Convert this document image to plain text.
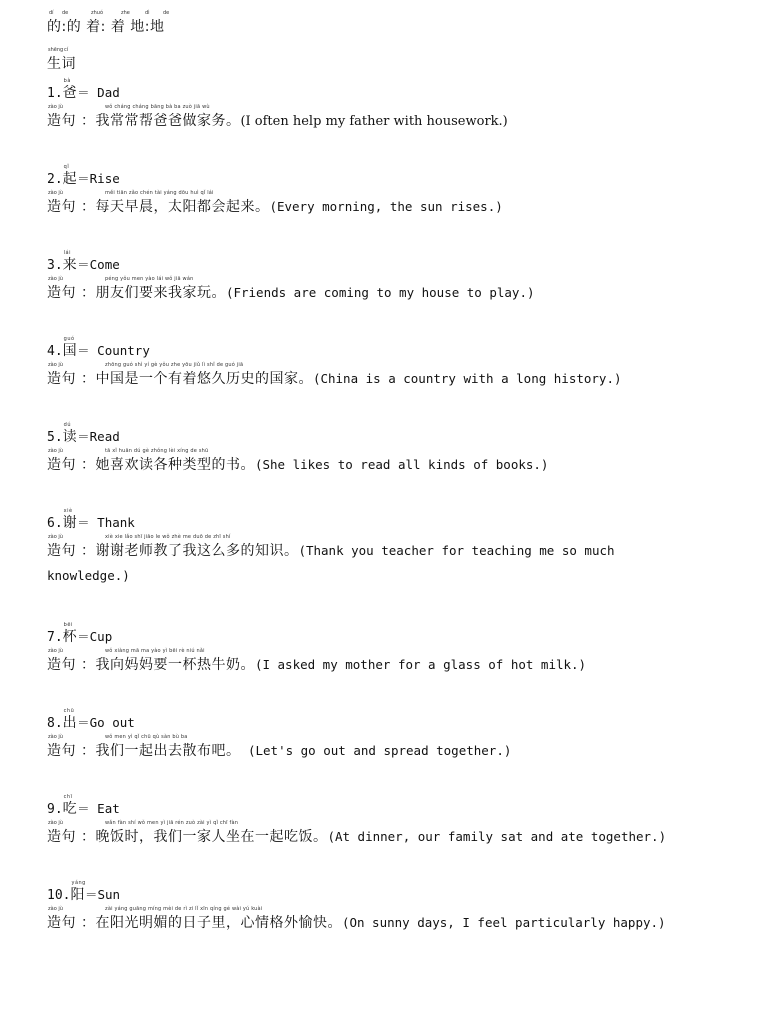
dí de	zhuó	zhe	dì	de
的:的 着: 着 地:地
shēng cí
生词
1.爸
bà
＝ Dad
zào jù	wǒ cháng cháng bāng bà ba zuò jiā wù
造句 ：我常常帮爸爸做家务。(I often help my father with housework.)
2.起
qǐ
＝Rise
zào jù	měi tiān zǎo chén tài yáng dōu huì qǐ lái
造句 ：每天早晨，太阳都会起来。(Every morning, the sun rises.)
3.来
lái
＝Come
zào jù	péng yǒu men yào lái wǒ jiā wán
造句 ：朋友们要来我家玩。(Friends are coming to my house to play.)
4.国
guó
＝ Country
zào jù	zhōng guó shì yí gè yǒu zhe yōu jiǔ lì shǐ de guó jiā
造句 ：中国是一个有着悠久历史的国家。(China is a country with a long history.)
5.读
dú
＝Read
zào jù	tā xǐ huān dú gè zhǒng lèi xíng de shū
造句 ：她喜欢读各种类型的书。(She likes to read all kinds of books.)
6.谢
xiè
＝ Thank
zào jù	xiè xie lǎo shī jiāo le wǒ zhè me duō de zhī shí
造句 ：谢谢老师教了我这么多的知识。(Thank you teacher for teaching me so much
knowledge.)
7.杯
bēi
＝Cup
zào jù	wǒ xiàng mā ma yào yì bēi rè niú nǎi
造句 ：我向妈妈要一杯热牛奶。(I asked my mother for a glass of hot milk.)
8.出
chū
＝Go out
zào jù	wǒ men yì qǐ chū qù sàn bù ba
造句 ：我们一起出去散布吧。 (Let's go out and spread together.)
9.吃
chī
＝ Eat
zào jù	wǎn fàn shí wǒ men yì jiā rén zuò zài yì qǐ chī fàn
造句 ：晚饭时，我们一家人坐在一起吃饭。(At dinner, our family sat and ate together.)
10.阳
yáng
＝Sun
zào jù	zài yáng guāng míng mèi de rì zi lǐ xīn qíng gé wài yú kuài
造句 ：在阳光明媚的日子里，心情格外愉快。(On sunny days, I feel particularly happy.)
